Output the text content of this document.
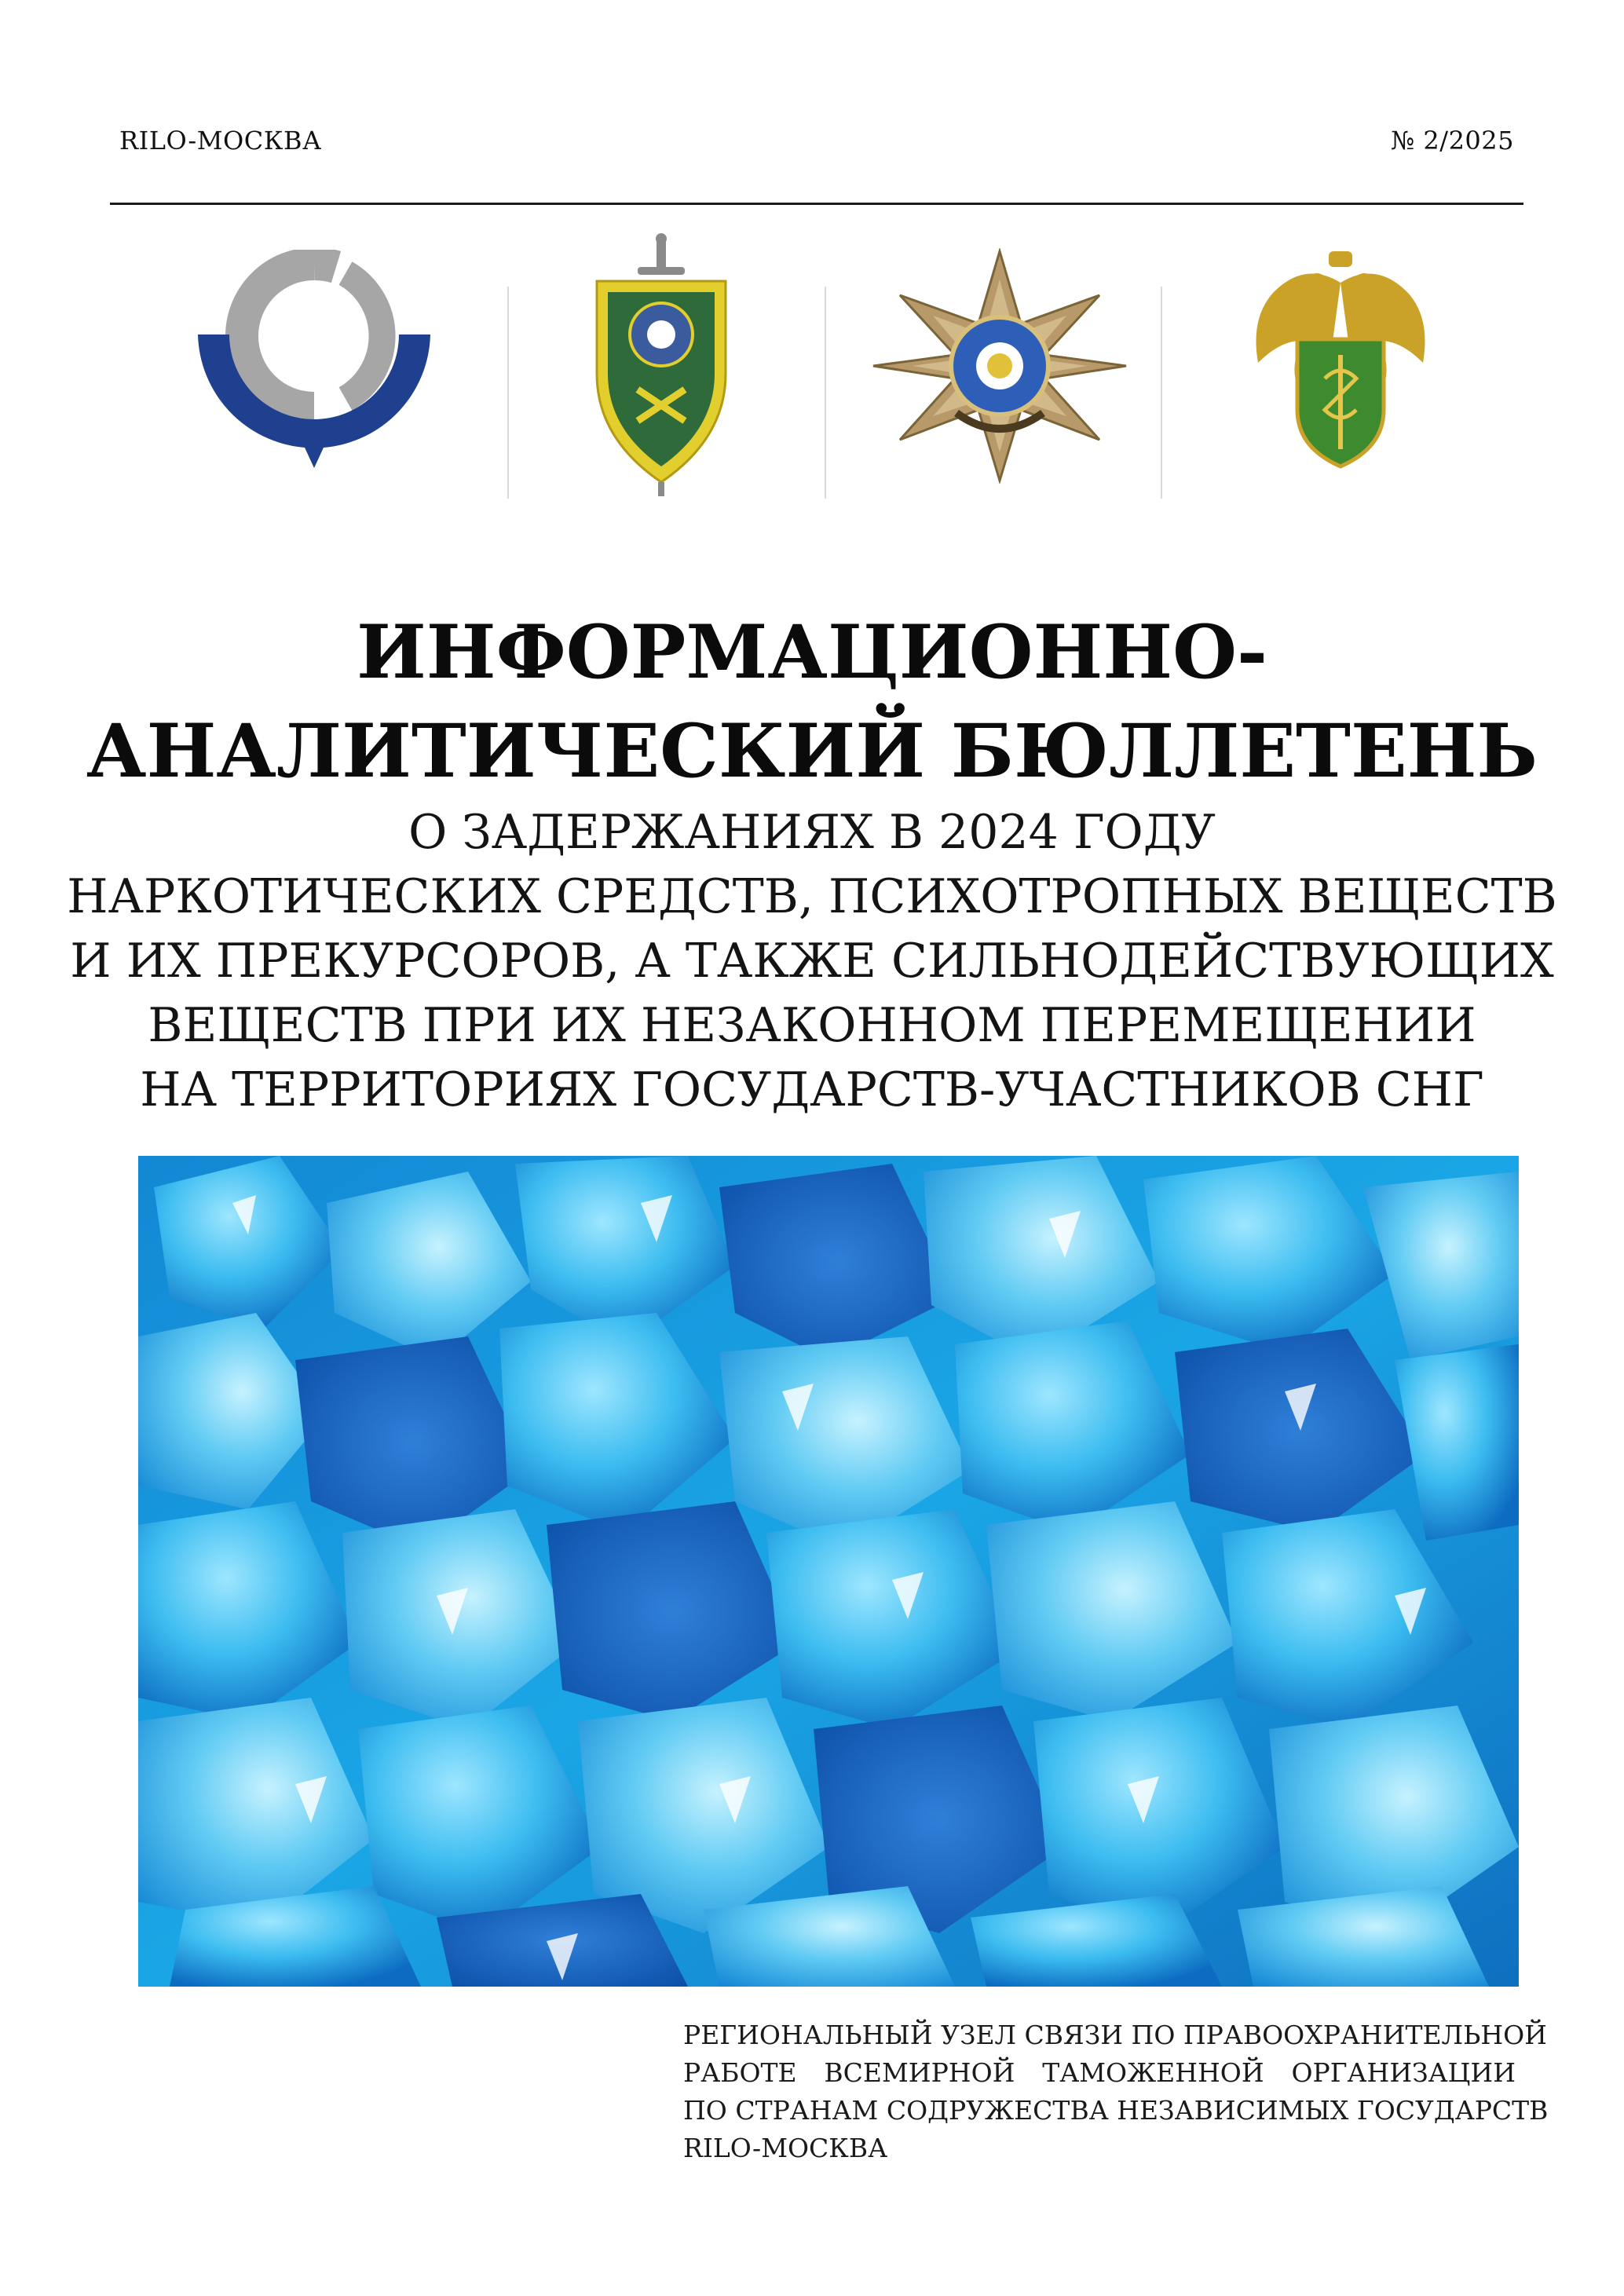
RILO-МОСКВА	№ 2/2025
ИНФОРМАЦИОННО-
АНАЛИТИЧЕСКИЙ БЮЛЛЕТЕНЬ
О ЗАДЕРЖАНИЯХ В 2024 ГОДУ
НАРКОТИЧЕСКИХ СРЕДСТВ, ПСИХОТРОПНЫХ ВЕЩЕСТВ
И ИХ ПРЕКУРСОРОВ, А ТАКЖЕ СИЛЬНОДЕЙСТВУЮЩИХ
ВЕЩЕСТВ ПРИ ИХ НЕЗАКОННОМ ПЕРЕМЕЩЕНИИ
НА ТЕРРИТОРИЯХ ГОСУДАРСТВ-УЧАСТНИКОВ СНГ
РЕГИОНАЛЬНЫЙ УЗЕЛ СВЯЗИ ПО ПРАВООХРАНИТЕЛЬНОЙ
РАБОТЕ ВСЕМИРНОЙ ТАМОЖЕННОЙ ОРГАНИЗАЦИИ
ПО СТРАНАМ СОДРУЖЕСТВА НЕЗАВИСИМЫХ ГОСУДАРСТВ
RILO-МОСКВА
